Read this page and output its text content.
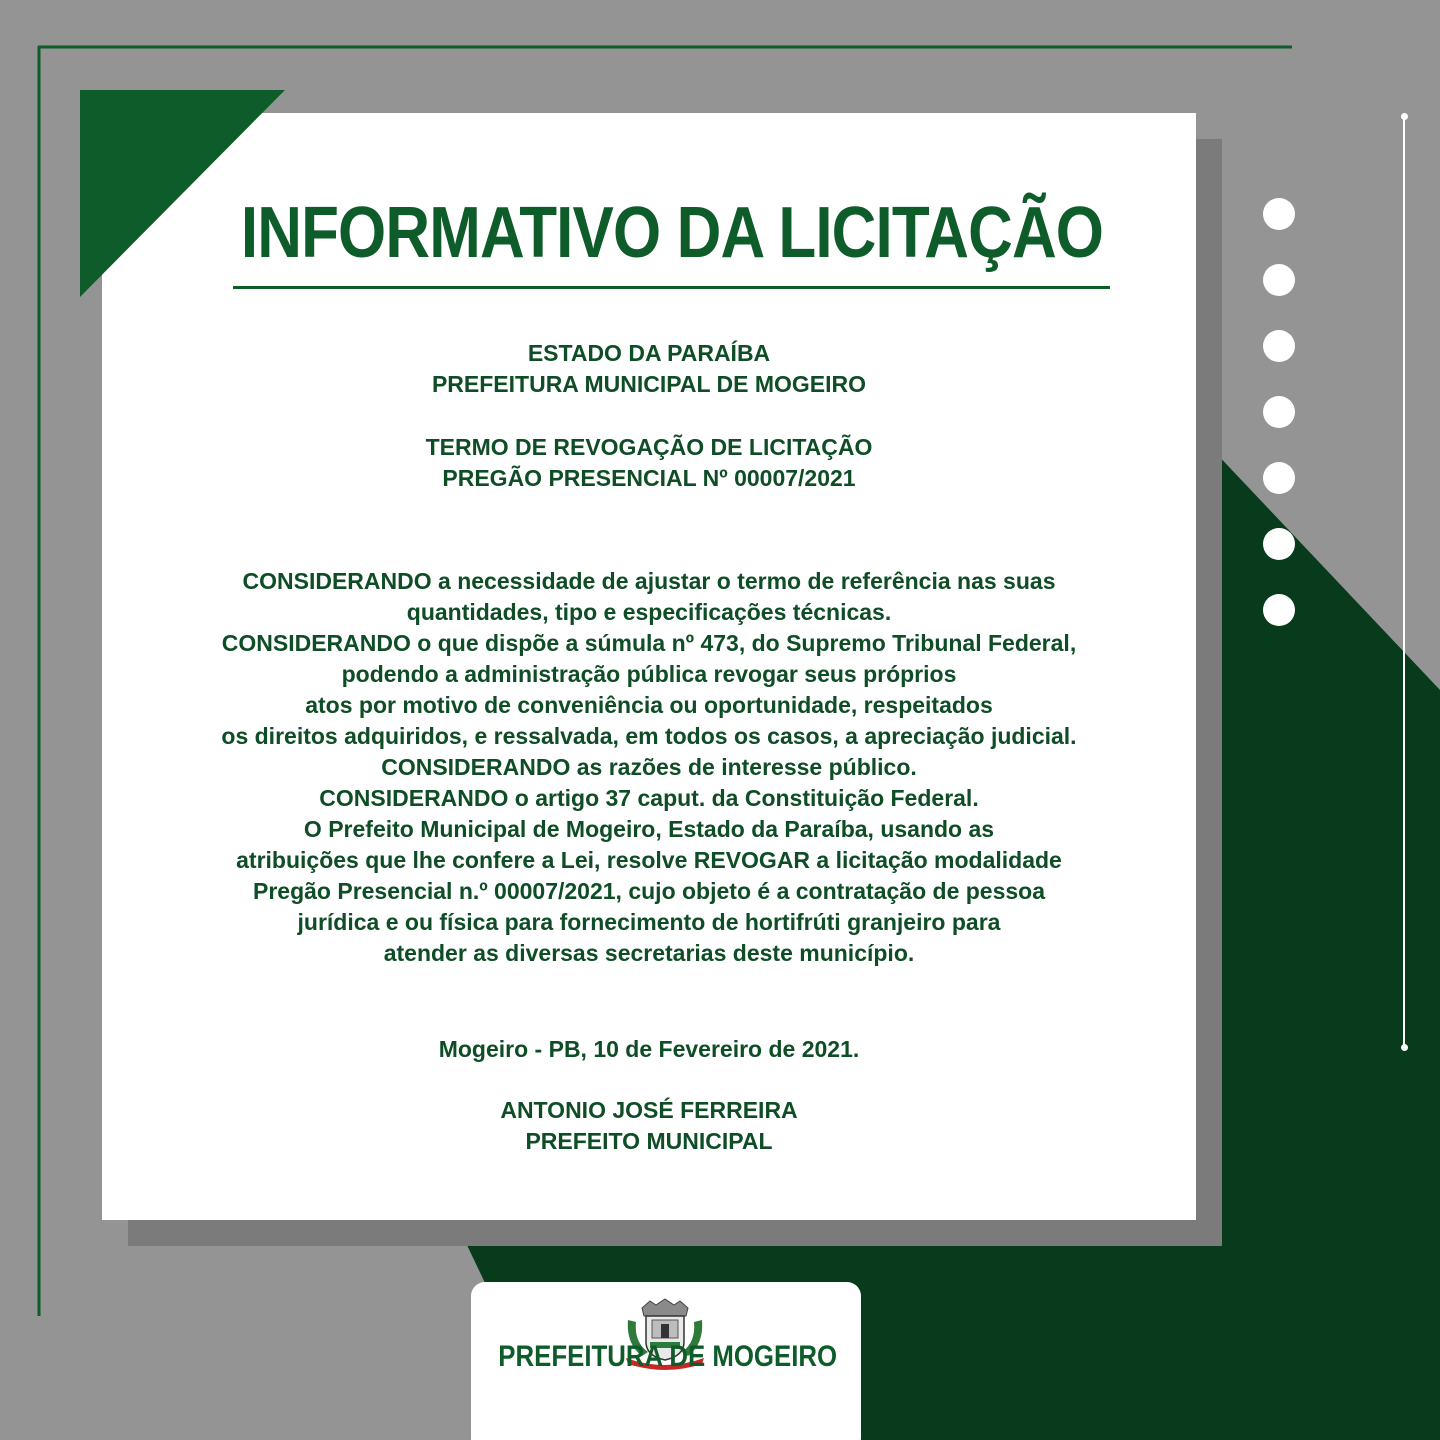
INFORMATIVO DA LICITAÇÃO
ESTADO DA PARAÍBA
PREFEITURA MUNICIPAL DE MOGEIRO
TERMO DE REVOGAÇÃO DE LICITAÇÃO
PREGÃO PRESENCIAL Nº 00007/2021
CONSIDERANDO a necessidade de ajustar o termo de referência nas suas
quantidades, tipo e especificações técnicas.
CONSIDERANDO o que dispõe a súmula nº 473, do Supremo Tribunal Federal,
podendo a administração pública revogar seus próprios
atos por motivo de conveniência ou oportunidade, respeitados
os direitos adquiridos, e ressalvada, em todos os casos, a apreciação judicial.
CONSIDERANDO as razões de interesse público.
CONSIDERANDO o artigo 37 caput. da Constituição Federal.
O Prefeito Municipal de Mogeiro, Estado da Paraíba, usando as
atribuições que lhe confere a Lei, resolve REVOGAR a licitação modalidade
Pregão Presencial n.º 00007/2021, cujo objeto é a contratação de pessoa
jurídica e ou física para fornecimento de hortifrúti granjeiro para
atender as diversas secretarias deste município.
Mogeiro - PB, 10 de Fevereiro de 2021.
ANTONIO JOSÉ FERREIRA
PREFEITO MUNICIPAL
PREFEITURA DE MOGEIRO
